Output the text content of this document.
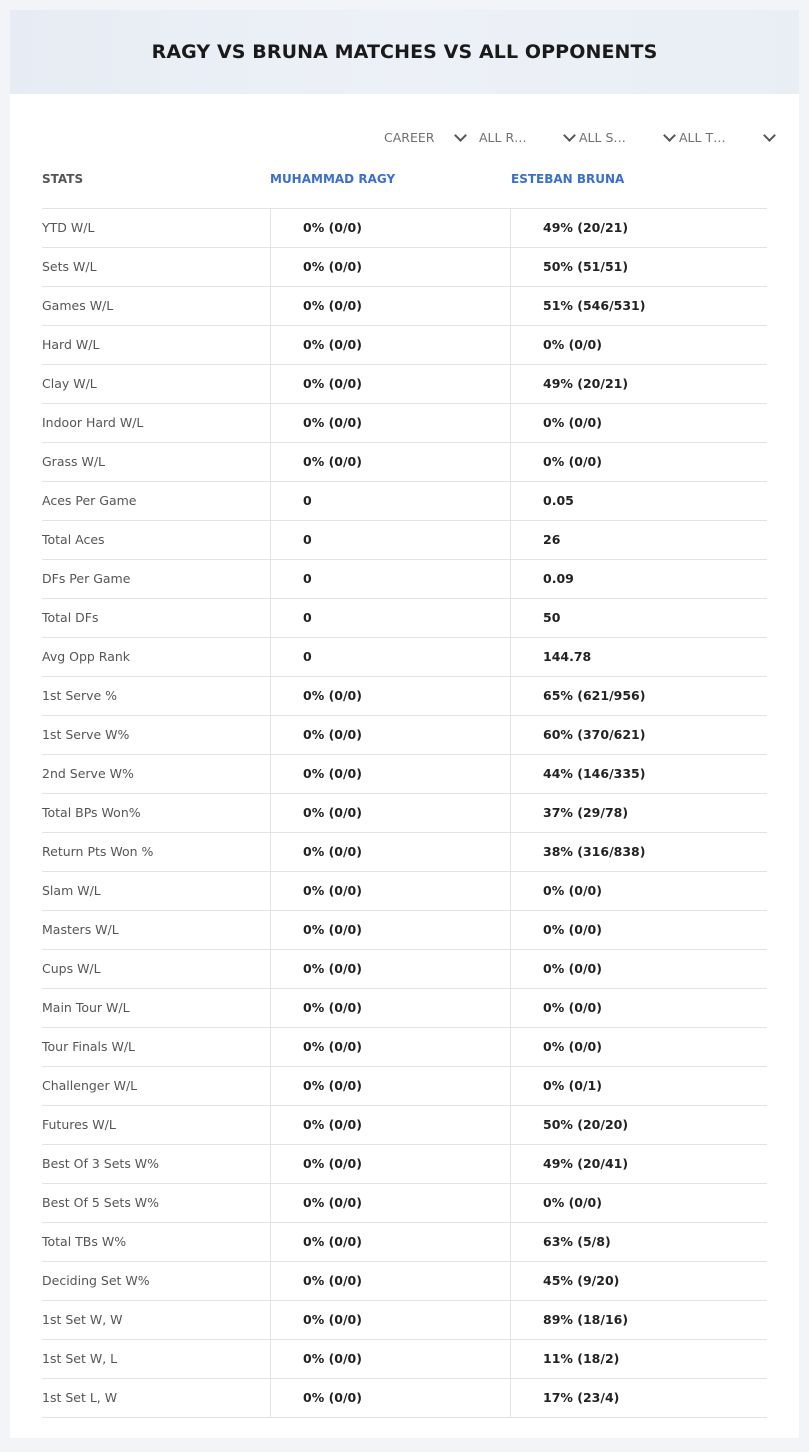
RAGY VS BRUNA MATCHES VS ALL OPPONENTS
CAREER	ALL R…	ALL S…	ALL T…
STATS	MUHAMMAD RAGY	ESTEBAN BRUNA
YTD W/L	0% (0/0)	49% (20/21)
Sets W/L	0% (0/0)	50% (51/51)
Games W/L	0% (0/0)	51% (546/531)
Hard W/L	0% (0/0)	0% (0/0)
Clay W/L	0% (0/0)	49% (20/21)
Indoor Hard W/L	0% (0/0)	0% (0/0)
Grass W/L	0% (0/0)	0% (0/0)
Aces Per Game	0	0.05
Total Aces	0	26
DFs Per Game	0	0.09
Total DFs	0	50
Avg Opp Rank	0	144.78
1st Serve %	0% (0/0)	65% (621/956)
1st Serve W%	0% (0/0)	60% (370/621)
2nd Serve W%	0% (0/0)	44% (146/335)
Total BPs Won%	0% (0/0)	37% (29/78)
Return Pts Won %	0% (0/0)	38% (316/838)
Slam W/L	0% (0/0)	0% (0/0)
Masters W/L	0% (0/0)	0% (0/0)
Cups W/L	0% (0/0)	0% (0/0)
Main Tour W/L	0% (0/0)	0% (0/0)
Tour Finals W/L	0% (0/0)	0% (0/0)
Challenger W/L	0% (0/0)	0% (0/1)
Futures W/L	0% (0/0)	50% (20/20)
Best Of 3 Sets W%	0% (0/0)	49% (20/41)
Best Of 5 Sets W%	0% (0/0)	0% (0/0)
Total TBs W%	0% (0/0)	63% (5/8)
Deciding Set W%	0% (0/0)	45% (9/20)
1st Set W, W	0% (0/0)	89% (18/16)
1st Set W, L	0% (0/0)	11% (18/2)
1st Set L, W	0% (0/0)	17% (23/4)
